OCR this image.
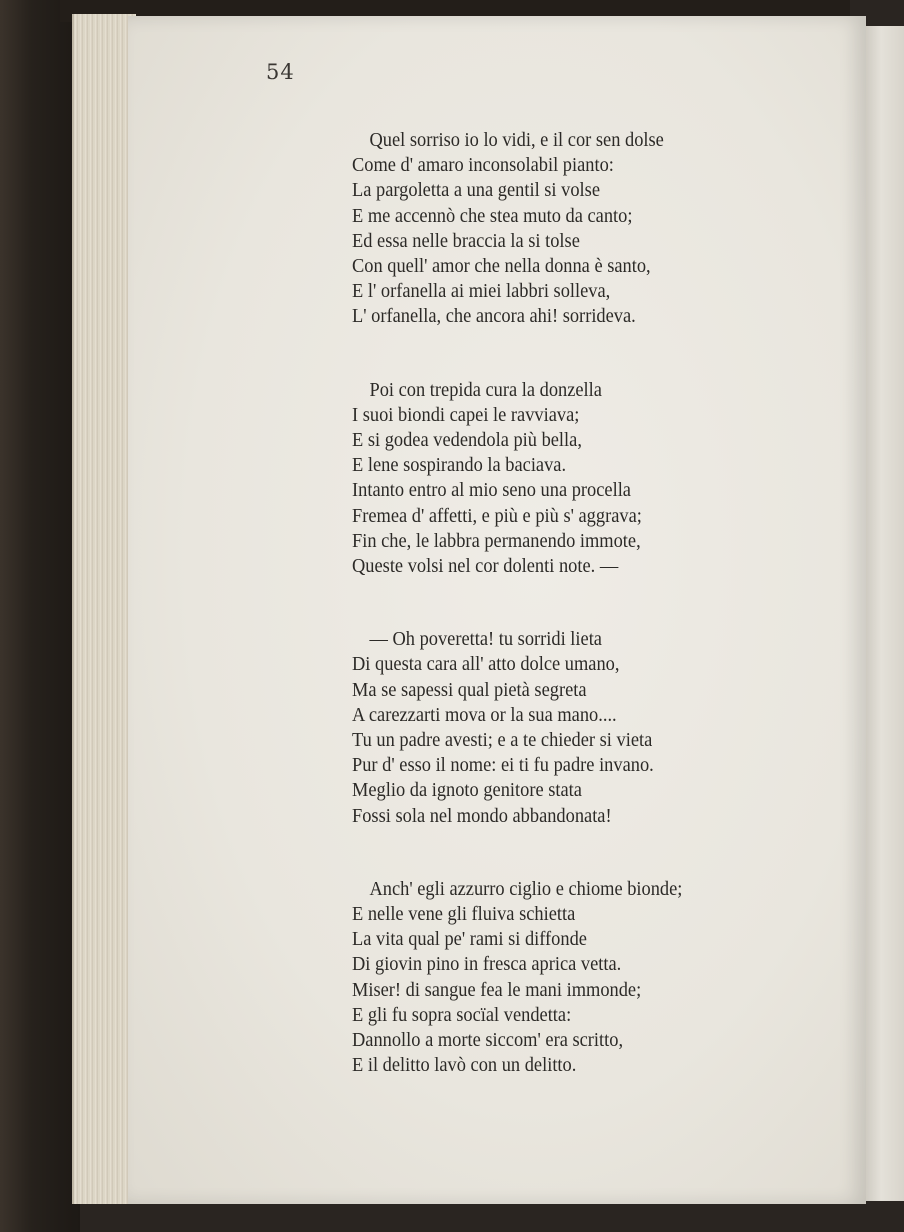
54
Quel sorriso io lo vidi, e il cor sen dolse
Come d' amaro inconsolabil pianto:
La pargoletta a una gentil si volse
E me accennò che stea muto da canto;
Ed essa nelle braccia la si tolse
Con quell' amor che nella donna è santo,
E l' orfanella ai miei labbri solleva,
L' orfanella, che ancora ahi! sorrideva.
Poi con trepida cura la donzella
I suoi biondi capei le ravviava;
E si godea vedendola più bella,
E lene sospirando la baciava.
Intanto entro al mio seno una procella
Fremea d' affetti, e più e più s' aggrava;
Fin che, le labbra permanendo immote,
Queste volsi nel cor dolenti note. —
— Oh poveretta! tu sorridi lieta
Di questa cara all' atto dolce umano,
Ma se sapessi qual pietà segreta
A carezzarti mova or la sua mano....
Tu un padre avesti; e a te chieder si vieta
Pur d' esso il nome: ei ti fu padre invano.
Meglio da ignoto genitore stata
Fossi sola nel mondo abbandonata!
Anch' egli azzurro ciglio e chiome bionde;
E nelle vene gli fluiva schietta
La vita qual pe' rami si diffonde
Di giovin pino in fresca aprica vetta.
Miser! di sangue fea le mani immonde;
E gli fu sopra socïal vendetta:
Dannollo a morte siccom' era scritto,
E il delitto lavò con un delitto.
